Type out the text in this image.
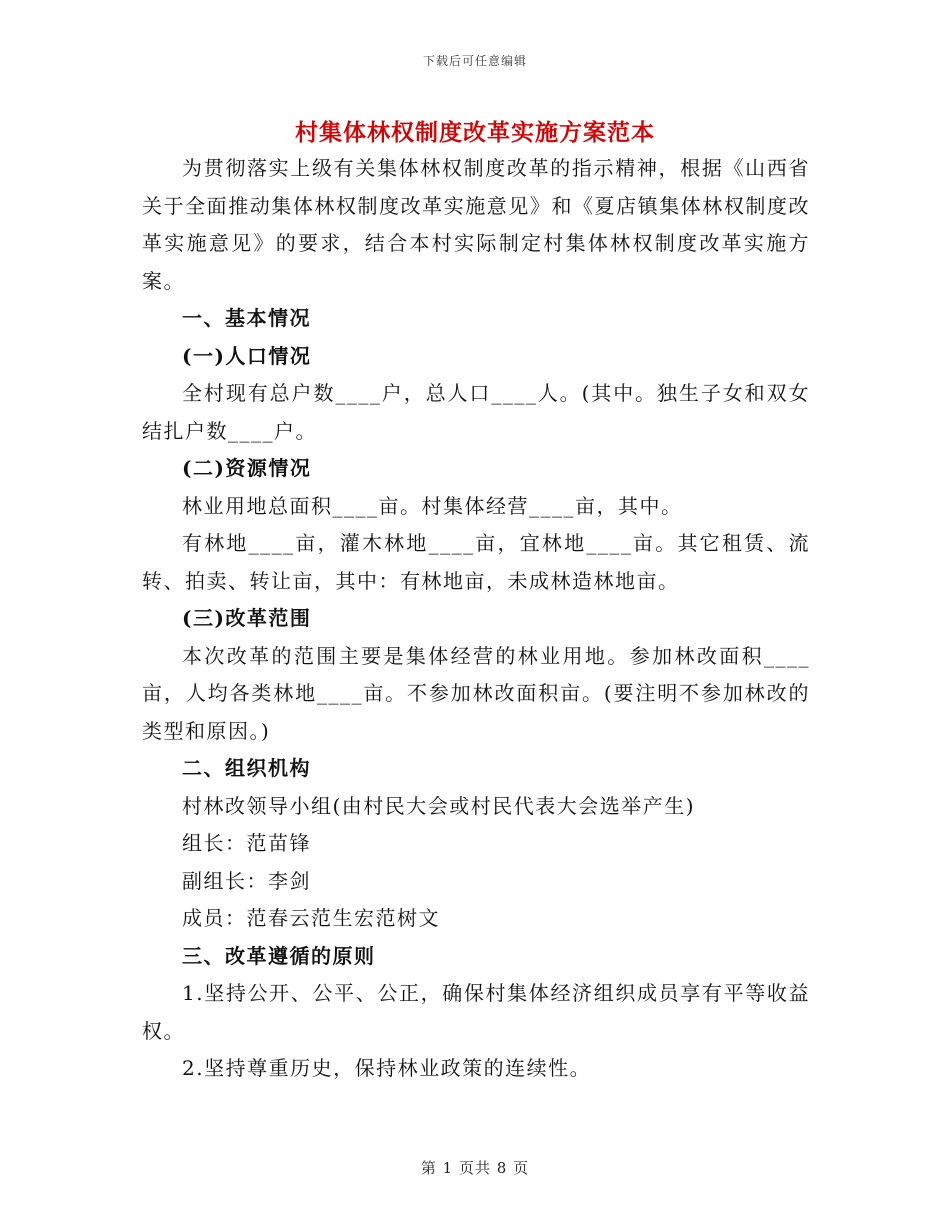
下载后可任意编辑
村集体林权制度改革实施方案范本

为贯彻落实上级有关集体林权制度改革的指示精神，根据《山西省关于全面推动集体林权制度改革实施意见》和《夏店镇集体林权制度改革实施意见》的要求，结合本村实际制定村集体林权制度改革实施方案。

一、基本情况

(一)人口情况

全村现有总户数____户，总人口____人。(其中。独生子女和双女结扎户数____户。

(二)资源情况

林业用地总面积____亩。村集体经营____亩，其中。

有林地____亩，灌木林地____亩，宜林地____亩。其它租赁、流转、拍卖、转让亩，其中：有林地亩，未成林造林地亩。

(三)改革范围

本次改革的范围主要是集体经营的林业用地。参加林改面积____亩，人均各类林地____亩。不参加林改面积亩。(要注明不参加林改的类型和原因。)

二、组织机构

村林改领导小组(由村民大会或村民代表大会选举产生)

组长：范苗锋

副组长：李剑

成员：范春云范生宏范树文

三、改革遵循的原则

1.坚持公开、公平、公正，确保村集体经济组织成员享有平等收益权。

2.坚持尊重历史，保持林业政策的连续性。

第 1 页共 8 页
